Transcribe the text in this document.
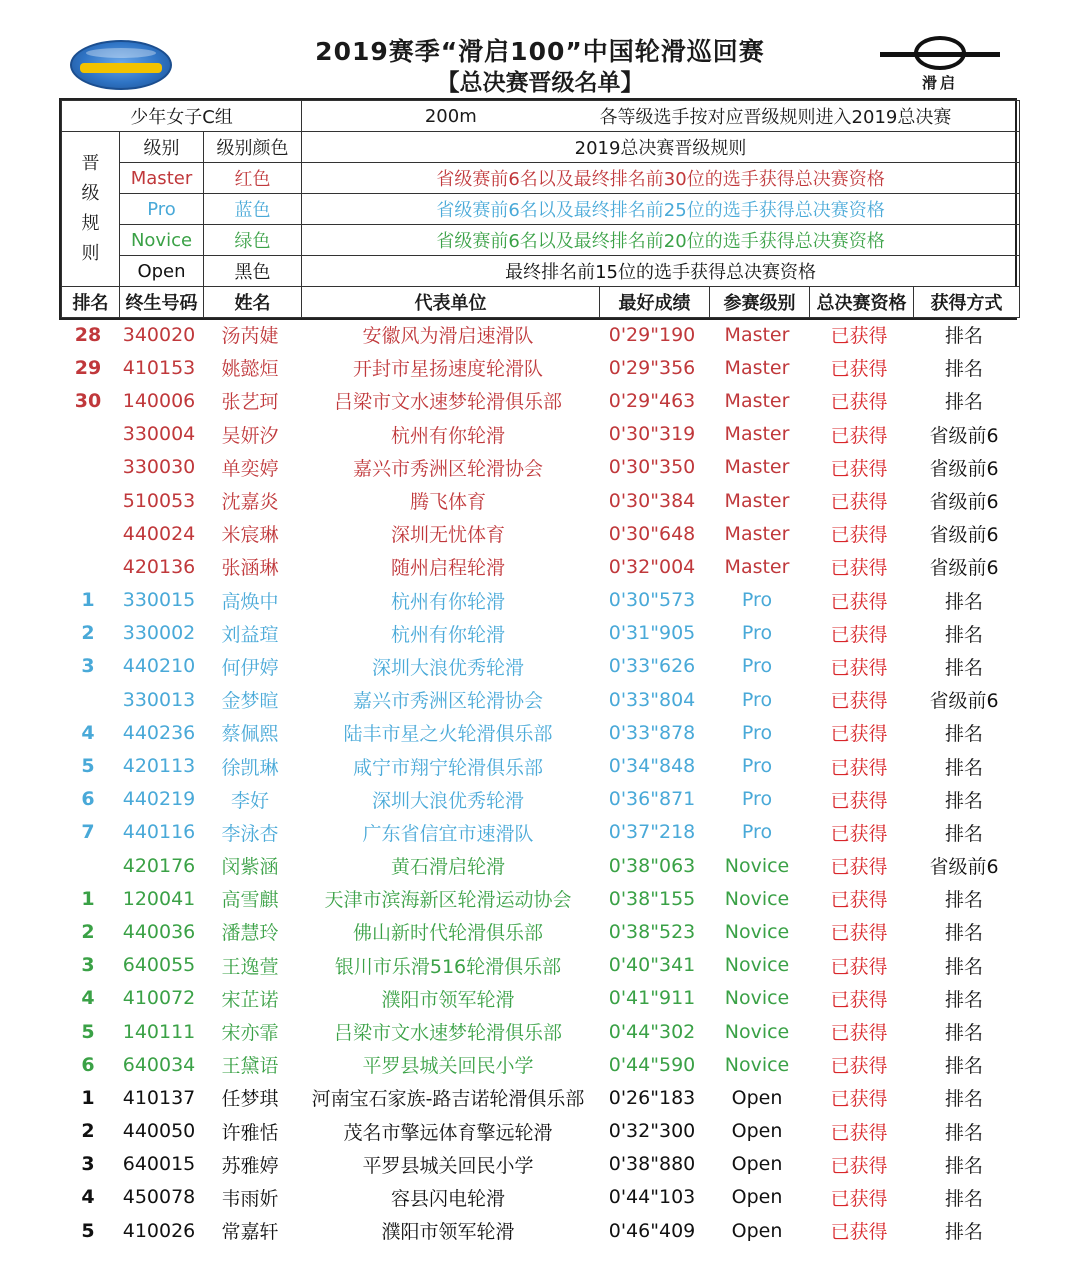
2019赛季“滑启100”中国轮滑巡回赛
【总决赛晋级名单】	滑启
少年女子C组			200m	各等级选手按对应晋级规则进入2019总决赛			

晋
级
规
则	级别	级别颜色	2019总决赛晋级规则				
	Master	红色	省级赛前6名以及最终排名前30位的选手获得总决赛资格				
	Pro	蓝色	省级赛前6名以及最终排名前25位的选手获得总决赛资格				
	Novice	绿色	省级赛前6名以及最终排名前20位的选手获得总决赛资格				
	Open	黑色	最终排名前15位的选手获得总决赛资格				
排名	终生号码	姓名	代表单位	最好成绩	参赛级别	总决赛资格	获得方式
28	340020	汤芮婕	安徽风为滑启速滑队	0'29"190	Master	已获得	排名
29	410153	姚懿烜	开封市星扬速度轮滑队	0'29"356	Master	已获得	排名
30	140006	张艺珂	吕梁市文水速梦轮滑俱乐部	0'29"463	Master	已获得	排名
	330004	吴妍汐	杭州有你轮滑	0'30"319	Master	已获得	省级前6
	330030	单奕婷	嘉兴市秀洲区轮滑协会	0'30"350	Master	已获得	省级前6
	510053	沈嘉炎	腾飞体育	0'30"384	Master	已获得	省级前6
	440024	米宸琳	深圳无忧体育	0'30"648	Master	已获得	省级前6
	420136	张涵琳	随州启程轮滑	0'32"004	Master	已获得	省级前6
1	330015	高焕中	杭州有你轮滑	0'30"573	Pro	已获得	排名
2	330002	刘益瑄	杭州有你轮滑	0'31"905	Pro	已获得	排名
3	440210	何伊婷	深圳大浪优秀轮滑	0'33"626	Pro	已获得	排名
	330013	金梦暄	嘉兴市秀洲区轮滑协会	0'33"804	Pro	已获得	省级前6
4	440236	蔡佩熙	陆丰市星之火轮滑俱乐部	0'33"878	Pro	已获得	排名
5	420113	徐凯琳	咸宁市翔宁轮滑俱乐部	0'34"848	Pro	已获得	排名
6	440219	李好	深圳大浪优秀轮滑	0'36"871	Pro	已获得	排名
7	440116	李泳杏	广东省信宜市速滑队	0'37"218	Pro	已获得	排名
	420176	闵紫涵	黄石滑启轮滑	0'38"063	Novice	已获得	省级前6
1	120041	高雪麒	天津市滨海新区轮滑运动协会	0'38"155	Novice	已获得	排名
2	440036	潘慧玲	佛山新时代轮滑俱乐部	0'38"523	Novice	已获得	排名
3	640055	王逸萱	银川市乐滑516轮滑俱乐部	0'40"341	Novice	已获得	排名
4	410072	宋芷诺	濮阳市领军轮滑	0'41"911	Novice	已获得	排名
5	140111	宋亦霏	吕梁市文水速梦轮滑俱乐部	0'44"302	Novice	已获得	排名
6	640034	王黛语	平罗县城关回民小学	0'44"590	Novice	已获得	排名
1	410137	任梦琪	河南宝石家族-路吉诺轮滑俱乐部	0'26"183	Open	已获得	排名
2	440050	许雅恬	茂名市擎远体育擎远轮滑	0'32"300	Open	已获得	排名
3	640015	苏雅婷	平罗县城关回民小学	0'38"880	Open	已获得	排名
4	450078	韦雨妡	容县闪电轮滑	0'44"103	Open	已获得	排名
5	410026	常嘉轩	濮阳市领军轮滑	0'46"409	Open	已获得	排名
